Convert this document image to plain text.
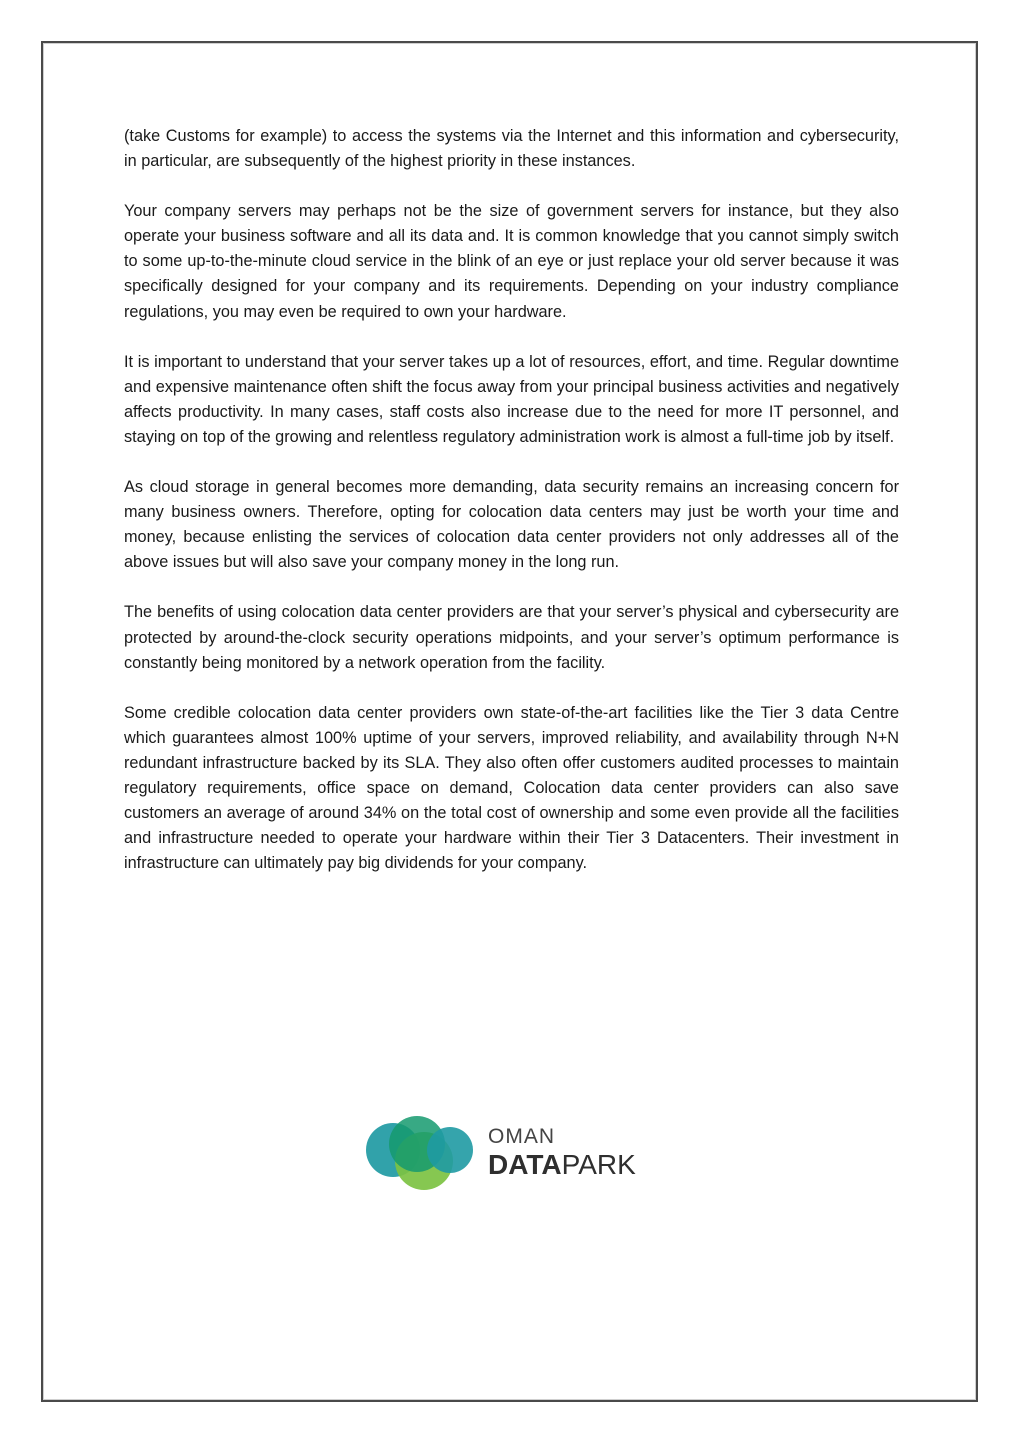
(take Customs for example) to access the systems via the Internet and this information and cybersecurity, in particular, are subsequently of the highest priority in these instances.

Your company servers may perhaps not be the size of government servers for instance, but they also operate your business software and all its data and. It is common knowledge that you cannot simply switch to some up-to-the-minute cloud service in the blink of an eye or just replace your old server because it was specifically designed for your company and its requirements. Depending on your industry compliance regulations, you may even be required to own your hardware.

It is important to understand that your server takes up a lot of resources, effort, and time. Regular downtime and expensive maintenance often shift the focus away from your principal business activities and negatively affects productivity. In many cases, staff costs also increase due to the need for more IT personnel, and staying on top of the growing and relentless regulatory administration work is almost a full-time job by itself.

As cloud storage in general becomes more demanding, data security remains an increasing concern for many business owners. Therefore, opting for colocation data centers may just be worth your time and money, because enlisting the services of colocation data center providers not only addresses all of the above issues but will also save your company money in the long run.

The benefits of using colocation data center providers are that your server’s physical and cybersecurity are protected by around-the-clock security operations midpoints, and your server’s optimum performance is constantly being monitored by a network operation from the facility.

Some credible colocation data center providers own state-of-the-art facilities like the Tier 3 data Centre which guarantees almost 100% uptime of your servers, improved reliability, and availability through N+N redundant infrastructure backed by its SLA. They also often offer customers audited processes to maintain regulatory requirements, office space on demand, Colocation data center providers can also save customers an average of around 34% on the total cost of ownership and some even provide all the facilities and infrastructure needed to operate your hardware within their Tier 3 Datacenters. Their investment in infrastructure can ultimately pay big dividends for your company.

OMAN
DATAPARK
